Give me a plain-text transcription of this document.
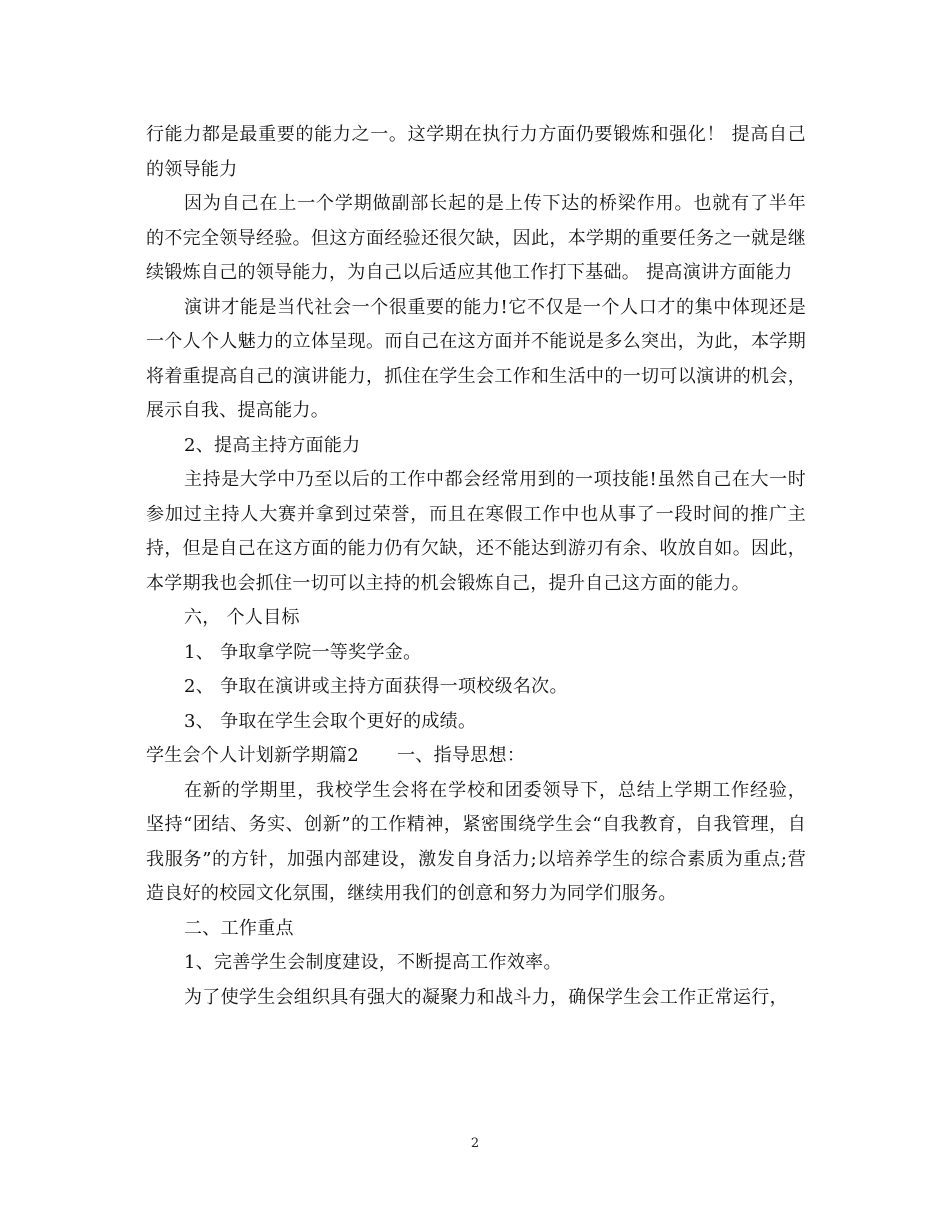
行能力都是最重要的能力之一。这学期在执行力方面仍要锻炼和强化！ 提高自己的领导能力

因为自己在上一个学期做副部长起的是上传下达的桥梁作用。也就有了半年的不完全领导经验。但这方面经验还很欠缺，因此，本学期的重要任务之一就是继续锻炼自己的领导能力，为自己以后适应其他工作打下基础。 提高演讲方面能力

演讲才能是当代社会一个很重要的能力!它不仅是一个人口才的集中体现还是一个人个人魅力的立体呈现。而自己在这方面并不能说是多么突出，为此，本学期将着重提高自己的演讲能力，抓住在学生会工作和生活中的一切可以演讲的机会，展示自我、提高能力。

2、提高主持方面能力

主持是大学中乃至以后的工作中都会经常用到的一项技能!虽然自己在大一时参加过主持人大赛并拿到过荣誉，而且在寒假工作中也从事了一段时间的推广主持，但是自己在这方面的能力仍有欠缺，还不能达到游刃有余、收放自如。因此，本学期我也会抓住一切可以主持的机会锻炼自己，提升自己这方面的能力。

六， 个人目标

1、 争取拿学院一等奖学金。

2、 争取在演讲或主持方面获得一项校级名次。

3、 争取在学生会取个更好的成绩。

学生会个人计划新学期篇2 一、指导思想：

在新的学期里，我校学生会将在学校和团委领导下，总结上学期工作经验，坚持“团结、务实、创新”的工作精神，紧密围绕学生会“自我教育，自我管理，自我服务”的方针，加强内部建设，激发自身活力;以培养学生的综合素质为重点;营造良好的校园文化氛围，继续用我们的创意和努力为同学们服务。

二、工作重点

1、完善学生会制度建设，不断提高工作效率。

为了使学生会组织具有强大的凝聚力和战斗力，确保学生会工作正常运行，

2
